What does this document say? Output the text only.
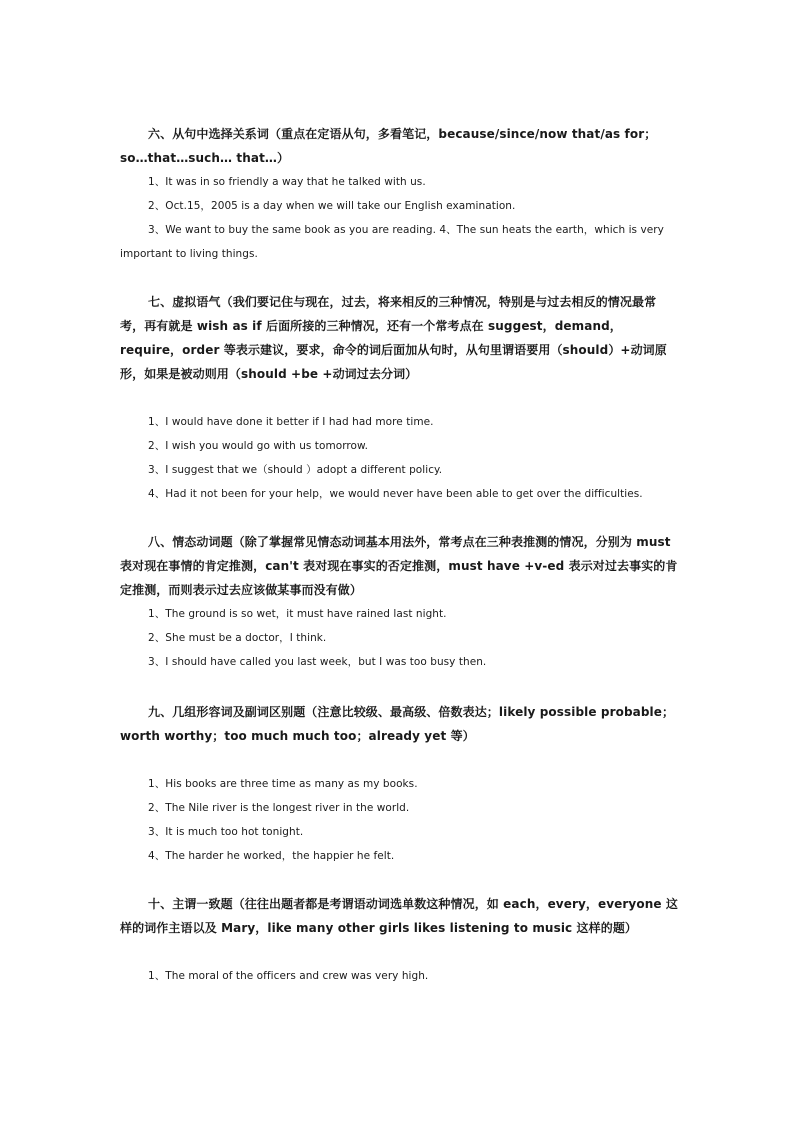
六、从句中选择关系词（重点在定语从句，多看笔记，because/since/now that/as for；so…that…such… that…）

1、It was in so friendly a way that he talked with us.
2、Oct.15，2005 is a day when we will take our English examination.
3、We want to buy the same book as you are reading. 4、The sun heats the earth，which is very important to living things.

七、虚拟语气（我们要记住与现在，过去，将来相反的三种情况，特别是与过去相反的情况最常考，再有就是 wish as if 后面所接的三种情况，还有一个常考点在 suggest，demand，require，order 等表示建议，要求，命令的词后面加从句时，从句里谓语要用（should）+动词原形，如果是被动则用（should +be +动词过去分词）

1、I would have done it better if I had had more time.
2、I wish you would go with us tomorrow.
3、I suggest that we（should ）adopt a different policy.
4、Had it not been for your help，we would never have been able to get over the difficulties.

八、情态动词题（除了掌握常见情态动词基本用法外，常考点在三种表推测的情况，分别为 must 表对现在事情的肯定推测，can't 表对现在事实的否定推测，must have +v-ed 表示对过去事实的肯定推测，而则表示过去应该做某事而没有做）

1、The ground is so wet，it must have rained last night.
2、She must be a doctor，I think.
3、I should have called you last week，but I was too busy then.

九、几组形容词及副词区别题（注意比较级、最高级、倍数表达；likely possible probable；worth worthy；too much much too；already yet 等）

1、His books are three time as many as my books.
2、The Nile river is the longest river in the world.
3、It is much too hot tonight.
4、The harder he worked，the happier he felt.

十、主谓一致题（往往出题者都是考谓语动词选单数这种情况，如 each，every，everyone 这样的词作主语以及 Mary，like many other girls likes listening to music 这样的题）

1、The moral of the officers and crew was very high.
